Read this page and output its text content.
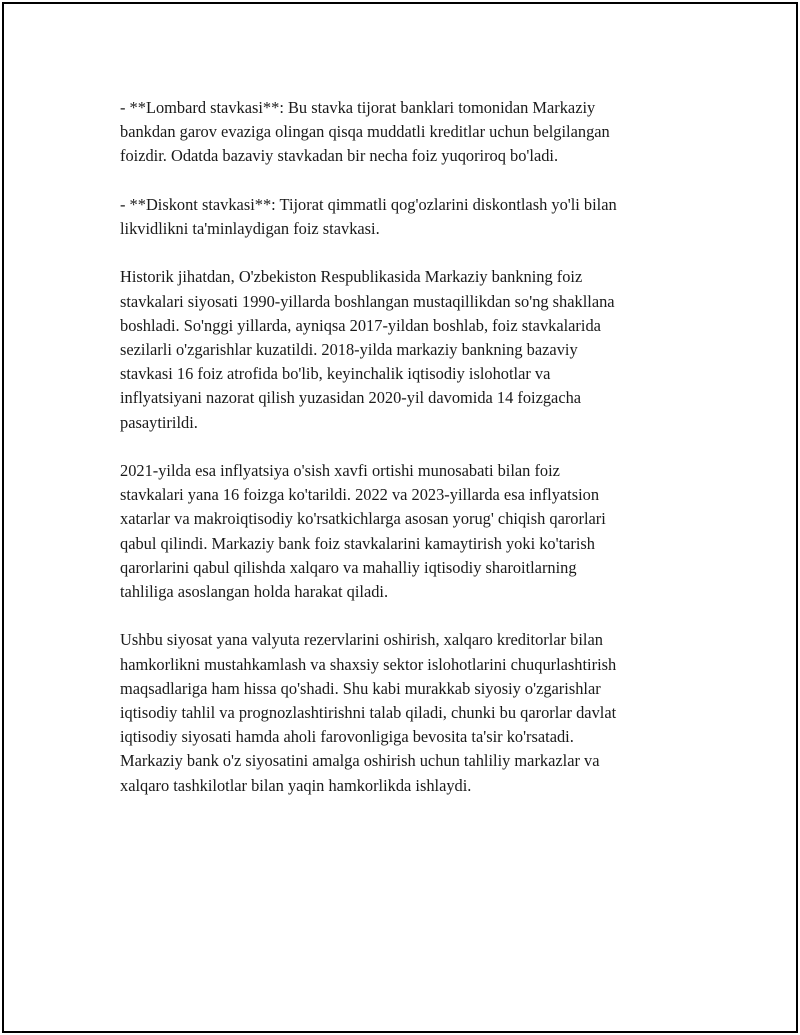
- **Lombard stavkasi**: Bu stavka tijorat banklari tomonidan Markaziy
bankdan garov evaziga olingan qisqa muddatli kreditlar uchun belgilangan
foizdir. Odatda bazaviy stavkadan bir necha foiz yuqoriroq bo'ladi.

- **Diskont stavkasi**: Tijorat qimmatli qog'ozlarini diskontlash yo'li bilan
likvidlikni ta'minlaydigan foiz stavkasi.

Historik jihatdan, O'zbekiston Respublikasida Markaziy bankning foiz
stavkalari siyosati 1990-yillarda boshlangan mustaqillikdan so'ng shakllana
boshladi. So'nggi yillarda, ayniqsa 2017-yildan boshlab, foiz stavkalarida
sezilarli o'zgarishlar kuzatildi. 2018-yilda markaziy bankning bazaviy
stavkasi 16 foiz atrofida bo'lib, keyinchalik iqtisodiy islohotlar va
inflyatsiyani nazorat qilish yuzasidan 2020-yil davomida 14 foizgacha
pasaytirildi.

2021-yilda esa inflyatsiya o'sish xavfi ortishi munosabati bilan foiz
stavkalari yana 16 foizga ko'tarildi. 2022 va 2023-yillarda esa inflyatsion
xatarlar va makroiqtisodiy ko'rsatkichlarga asosan yorug' chiqish qarorlari
qabul qilindi. Markaziy bank foiz stavkalarini kamaytirish yoki ko'tarish
qarorlarini qabul qilishda xalqaro va mahalliy iqtisodiy sharoitlarning
tahliliga asoslangan holda harakat qiladi.

Ushbu siyosat yana valyuta rezervlarini oshirish, xalqaro kreditorlar bilan
hamkorlikni mustahkamlash va shaxsiy sektor islohotlarini chuqurlashtirish
maqsadlariga ham hissa qo'shadi. Shu kabi murakkab siyosiy o'zgarishlar
iqtisodiy tahlil va prognozlashtirishni talab qiladi, chunki bu qarorlar davlat
iqtisodiy siyosati hamda aholi farovonligiga bevosita ta'sir ko'rsatadi.
Markaziy bank o'z siyosatini amalga oshirish uchun tahliliy markazlar va
xalqaro tashkilotlar bilan yaqin hamkorlikda ishlaydi.
